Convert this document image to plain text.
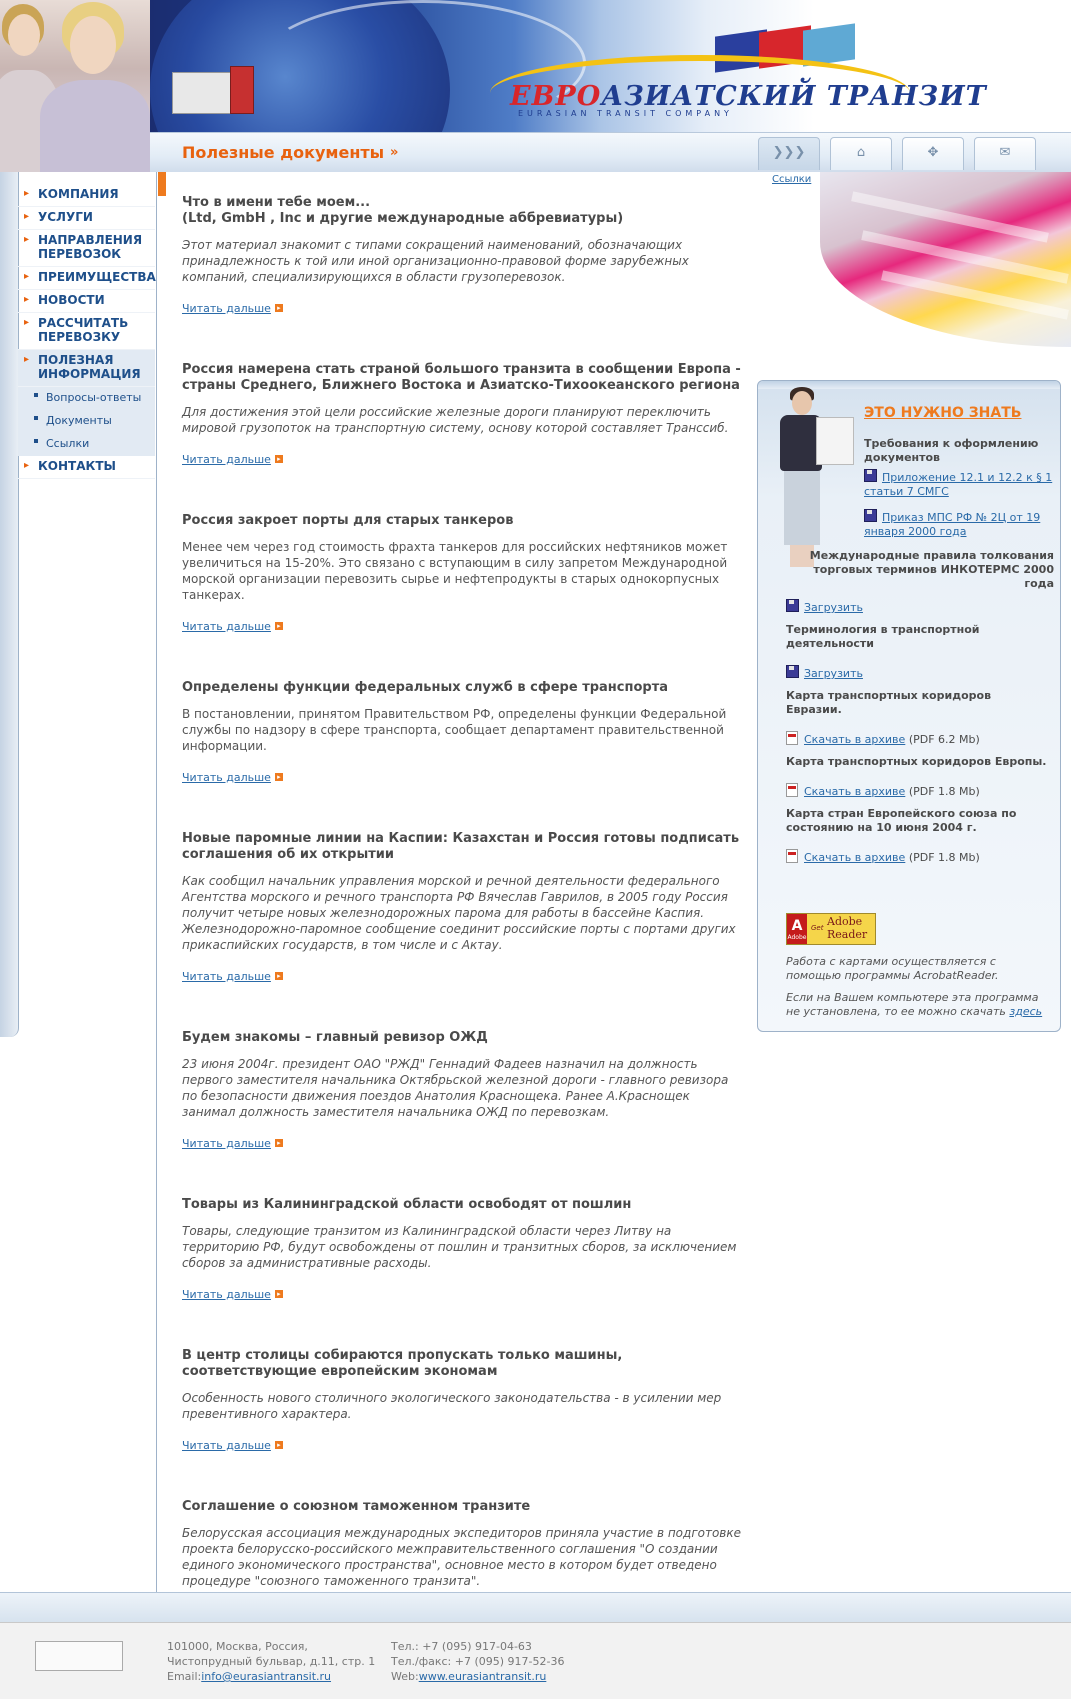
ЕВРОАЗИАТСКИЙ ТРАНЗИТ
EURASIAN TRANSIT COMPANY
Полезные документы »	❯❯❯	⌂	✥	✉
▸ КОМПАНИЯ
▸ УСЛУГИ
▸ НАПРАВЛЕНИЯ ПЕРЕВОЗОК
▸ ПРЕИМУЩЕСТВА
▸ НОВОСТИ
▸ РАССЧИТАТЬ ПЕРЕВОЗКУ
▸ ПОЛЕЗНАЯ ИНФОРМАЦИЯ
Вопросы-ответы
Документы
Ссылки
▸ КОНТАКТЫ
Ссылки
Что в имени тебе моем...
(Ltd, GmbH , Inc и другие международные аббревиатуры)
Этот материал знакомит с типами сокращений наименований, обозначающих принадлежность к той или иной организационно-правовой форме зарубежных компаний, специализирующихся в области грузоперевозок.
Читать дальше ▸
Россия намерена стать страной большого транзита в сообщении Европа - страны Среднего, Ближнего Востока и Азиатско-Тихоокеанского региона
Для достижения этой цели российские железные дороги планируют переключить мировой грузопоток на транспортную систему, основу которой составляет Транссиб.
Читать дальше ▸
Россия закроет порты для старых танкеров
Менее чем через год стоимость фрахта танкеров для российских нефтяников может увеличиться на 15-20%. Это связано с вступающим в силу запретом Международной морской организации перевозить сырье и нефтепродукты в старых однокорпусных танкерах.
Читать дальше ▸
Определены функции федеральных служб в сфере транспорта
В постановлении, принятом Правительством РФ, определены функции Федеральной службы по надзору в сфере транспорта, сообщает департамент правительственной информации.
Читать дальше ▸
Новые паромные линии на Каспии: Казахстан и Россия готовы подписать соглашения об их открытии
Как сообщил начальник управления морской и речной деятельности федерального Агентства морского и речного транспорта РФ Вячеслав Гаврилов, в 2005 году Россия получит четыре новых железнодорожных парома для работы в бассейне Каспия. Железнодорожно-паромное сообщение соединит российские порты с портами других прикаспийских государств, в том числе и с Актау.
Читать дальше ▸
Будем знакомы – главный ревизор ОЖД
23 июня 2004г. президент ОАО "РЖД" Геннадий Фадеев назначил на должность первого заместителя начальника Октябрьской железной дороги - главного ревизора по безопасности движения поездов Анатолия Краснощека. Ранее А.Краснощек занимал должность заместителя начальника ОЖД по перевозкам.
Читать дальше ▸
Товары из Калининградской области освободят от пошлин
Товары, следующие транзитом из Калининградской области через Литву на территорию РФ, будут освобождены от пошлин и транзитных сборов, за исключением сборов за административные расходы.
Читать дальше ▸
В центр столицы собираются пропускать только машины, соответствующие европейским экономам
Особенность нового столичного экологического законодательства - в усилении мер превентивного характера.
Читать дальше ▸
Соглашение о союзном таможенном транзите
Белорусская ассоциация международных экспедиторов приняла участие в подготовке проекта белорусско-российского межправительственного соглашения "О создании единого экономического пространства", основное место в котором будет отведено процедуре "союзного таможенного транзита".
ЭТО НУЖНО ЗНАТЬ
Требования к оформлению документов
Приложение 12.1 и 12.2 к § 1 статьи 7 СМГС
Приказ МПС РФ № 2Ц от 19 января 2000 года
Международные правила толкования торговых терминов ИНКОТЕРМС 2000 года
Загрузить
Терминология в транспортной деятельности
Загрузить
Карта транспортных коридоров Евразии.
Скачать в архиве (PDF 6.2 Mb)
Карта транспортных коридоров Европы.
Скачать в архиве (PDF 1.8 Mb)
Карта стран Европейского союза по состоянию на 10 июня 2004 г.
Скачать в архиве (PDF 1.8 Mb)
A
Adobe
Get Adobe Reader
Работа с картами осуществляется с помощью программы AcrobatReader.
Если на Вашем компьютере эта программа не установлена, то ее можно скачать здесь
101000, Москва, Россия,
Чистопрудный бульвар, д.11, стр. 1
Email:info@eurasiantransit.ru
Тел.: +7 (095) 917-04-63
Тел./факс: +7 (095) 917-52-36
Web:www.eurasiantransit.ru
